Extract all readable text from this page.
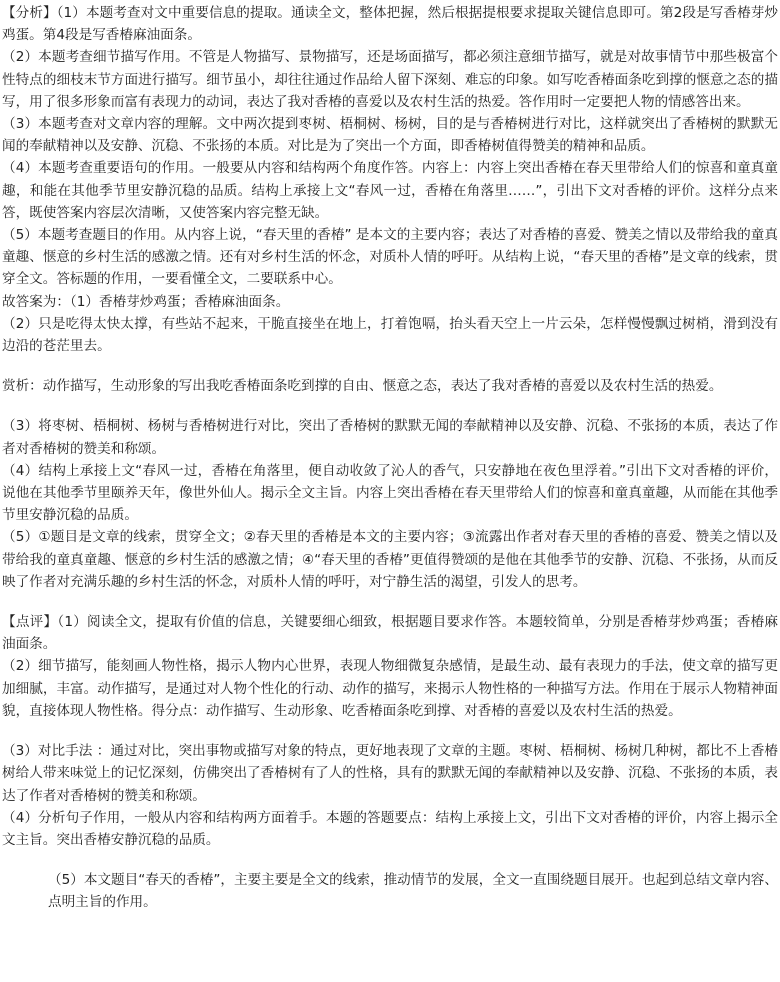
【分析】（1）本题考查对文中重要信息的提取。通读全文，整体把握，然后根据提根要求提取关键信息即可。第2段是写香椿芽炒鸡蛋。第4段是写香椿麻油面条。
（2）本题考查细节描写作用。不管是人物描写、景物描写，还是场面描写，都必须注意细节描写，就是对故事情节中那些极富个性特点的细枝末节方面进行描写。细节虽小，却往往通过作品给人留下深刻、难忘的印象。如写吃香椿面条吃到撑的惬意之态的描写，用了很多形象而富有表现力的动词，表达了我对香椿的喜爱以及农村生活的热爱。答作用时一定要把人物的情感答出来。
（3）本题考查对文章内容的理解。文中两次提到枣树、梧桐树、杨树，目的是与香椿树进行对比，这样就突出了香椿树的默默无闻的奉献精神以及安静、沉稳、不张扬的本质。对比是为了突出一个方面，即香椿树值得赞美的精神和品质。
（4）本题考查重要语句的作用。一般要从内容和结构两个角度作答。内容上：内容上突出香椿在春天里带给人们的惊喜和童真童趣，和能在其他季节里安静沉稳的品质。结构上承接上文“春风一过，香椿在角落里……”，引出下文对香椿的评价。这样分点来答，既使答案内容层次清晰，又使答案内容完整无缺。
（5）本题考查题目的作用。从内容上说，“春天里的香椿” 是本文的主要内容；表达了对香椿的喜爱、赞美之情以及带给我的童真童趣、惬意的乡村生活的感激之情。还有对乡村生活的怀念，对质朴人情的呼吁。从结构上说，“春天里的香椿”是文章的线索，贯穿全文。答标题的作用，一要看懂全文，二要联系中心。
故答案为：（1）香椿芽炒鸡蛋；香椿麻油面条。
（2）只是吃得太快太撑，有些站不起来，干脆直接坐在地上，打着饱嗝，抬头看天空上一片云朵，怎样慢慢飘过树梢，滑到没有边沿的苍茫里去。
赏析：动作描写，生动形象的写出我吃香椿面条吃到撑的自由、惬意之态，表达了我对香椿的喜爱以及农村生活的热爱。
（3）将枣树、梧桐树、杨树与香椿树进行对比，突出了香椿树的默默无闻的奉献精神以及安静、沉稳、不张扬的本质，表达了作者对香椿树的赞美和称颂。
（4）结构上承接上文“春风一过，香椿在角落里，便自动收敛了沁人的香气，只安静地在夜色里浮着。”引出下文对香椿的评价，说他在其他季节里颐养天年，像世外仙人。揭示全文主旨。内容上突出香椿在春天里带给人们的惊喜和童真童趣，从而能在其他季节里安静沉稳的品质。
（5）①题目是文章的线索，贯穿全文；②春天里的香椿是本文的主要内容；③流露出作者对春天里的香椿的喜爱、赞美之情以及带给我的童真童趣、惬意的乡村生活的感激之情；④“春天里的香椿”更值得赞颂的是他在其他季节的安静、沉稳、不张扬，从而反映了作者对充满乐趣的乡村生活的怀念，对质朴人情的呼吁，对宁静生活的渴望，引发人的思考。
【点评】（1）阅读全文，提取有价值的信息，关键要细心细致，根据题目要求作答。本题较简单，分别是香椿芽炒鸡蛋；香椿麻油面条。
（2）细节描写，能刻画人物性格，揭示人物内心世界，表现人物细微复杂感情，是最生动、最有表现力的手法，使文章的描写更加细腻，丰富。动作描写，是通过对人物个性化的行动、动作的描写，来揭示人物性格的一种描写方法。作用在于展示人物精神面貌，直接体现人物性格。得分点：动作描写、生动形象、吃香椿面条吃到撑、对香椿的喜爱以及农村生活的热爱。
（3）对比手法 ：通过对比，突出事物或描写对象的特点，更好地表现了文章的主题。枣树、梧桐树、杨树几种树，都比不上香椿树给人带来味觉上的记忆深刻，仿佛突出了香椿树有了人的性格，具有的默默无闻的奉献精神以及安静、沉稳、不张扬的本质，表达了作者对香椿树的赞美和称颂。
（4）分析句子作用，一般从内容和结构两方面着手。本题的答题要点：结构上承接上文，引出下文对香椿的评价，内容上揭示全文主旨。突出香椿安静沉稳的品质。
（5）本文题目“春天的香椿”，主要主要是全文的线索，推动情节的发展，全文一直围绕题目展开。也起到总结文章内容、点明主旨的作用。
